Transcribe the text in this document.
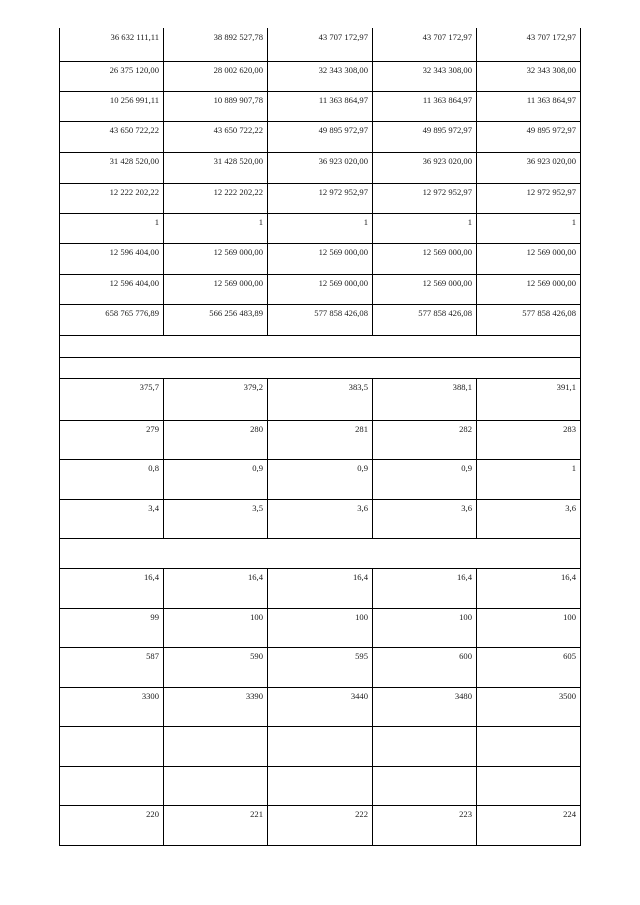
36 632 111,11	38 892 527,78	43 707 172,97	43 707 172,97	43 707 172,97
26 375 120,00	28 002 620,00	32 343 308,00	32 343 308,00	32 343 308,00
10 256 991,11	10 889 907,78	11 363 864,97	11 363 864,97	11 363 864,97
43 650 722,22	43 650 722,22	49 895 972,97	49 895 972,97	49 895 972,97
31 428 520,00	31 428 520,00	36 923 020,00	36 923 020,00	36 923 020,00
12 222 202,22	12 222 202,22	12 972 952,97	12 972 952,97	12 972 952,97
1	1	1	1	1
12 596 404,00	12 569 000,00	12 569 000,00	12 569 000,00	12 569 000,00
12 596 404,00	12 569 000,00	12 569 000,00	12 569 000,00	12 569 000,00
658 765 776,89	566 256 483,89	577 858 426,08	577 858 426,08	577 858 426,08
375,7	379,2	383,5	388,1	391,1
279	280	281	282	283
0,8	0,9	0,9	0,9	1
3,4	3,5	3,6	3,6	3,6
16,4	16,4	16,4	16,4	16,4
99	100	100	100	100
587	590	595	600	605
3300	3390	3440	3480	3500
220	221	222	223	224
